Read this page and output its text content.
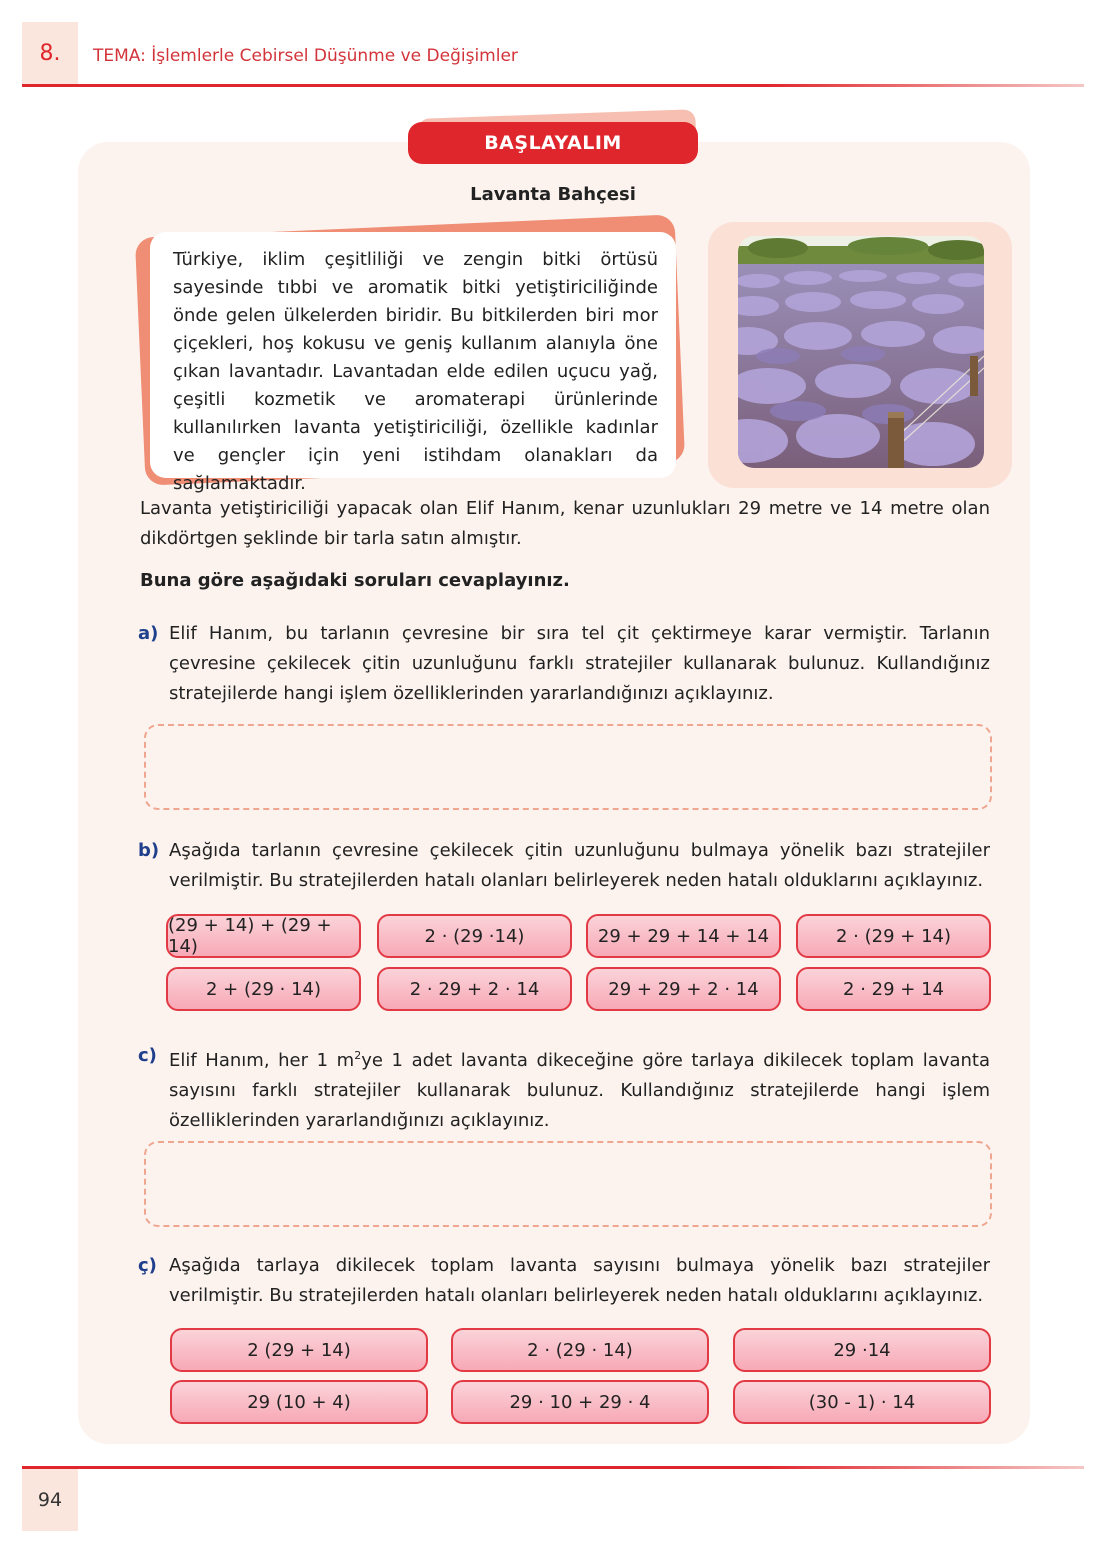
8. TEMA: İşlemlerle Cebirsel Düşünme ve Değişimler
BAŞLAYALIM
Lavanta Bahçesi

Türkiye, iklim çeşitliliği ve zengin bitki örtüsü sayesinde tıbbi ve aromatik bitki yetiştiriciliğinde önde gelen ülkelerden biridir. Bu bitkilerden biri mor çiçekleri, hoş kokusu ve geniş kullanım alanıyla öne çıkan lavantadır. Lavantadan elde edilen uçucu yağ, çeşitli kozmetik ve aromaterapi ürünlerinde kullanılırken lavanta yetiştiriciliği, özellikle kadınlar ve gençler için yeni istihdam olanakları da sağlamaktadır.

Lavanta yetiştiriciliği yapacak olan Elif Hanım, kenar uzunlukları 29 metre ve 14 metre olan dikdörtgen şeklinde bir tarla satın almıştır.
Buna göre aşağıdaki soruları cevaplayınız.
a) Elif Hanım, bu tarlanın çevresine bir sıra tel çit çektirmeye karar vermiştir. Tarlanın çevresine çekilecek çitin uzunluğunu farklı stratejiler kullanarak bulunuz. Kullandığınız stratejilerde hangi işlem özelliklerinden yararlandığınızı açıklayınız.
b) Aşağıda tarlanın çevresine çekilecek çitin uzunluğunu bulmaya yönelik bazı stratejiler verilmiştir. Bu stratejilerden hatalı olanları belirleyerek neden hatalı olduklarını açıklayınız.
(29 + 14) + (29 + 14)	2 · (29 ·14)	29 + 29 + 14 + 14	2 · (29 + 14)
2 + (29 · 14)	2 · 29 + 2 · 14	29 + 29 + 2 · 14	2 · 29 + 14
c) Elif Hanım, her 1 $m^2ye$ 1 adet lavanta dikeceğine göre tarlaya dikilecek toplam lavanta sayısını farklı stratejiler kullanarak bulunuz. Kullandığınız stratejilerde hangi işlem özelliklerinden yararlandığınızı açıklayınız.
ç) Aşağıda tarlaya dikilecek toplam lavanta sayısını bulmaya yönelik bazı stratejiler verilmiştir. Bu stratejilerden hatalı olanları belirleyerek neden hatalı olduklarını açıklayınız.
2 (29 + 14)	2 · (29 · 14)	29 ·14
29 (10 + 4)	29 · 10 + 29 · 4	(30 - 1) · 14
94
